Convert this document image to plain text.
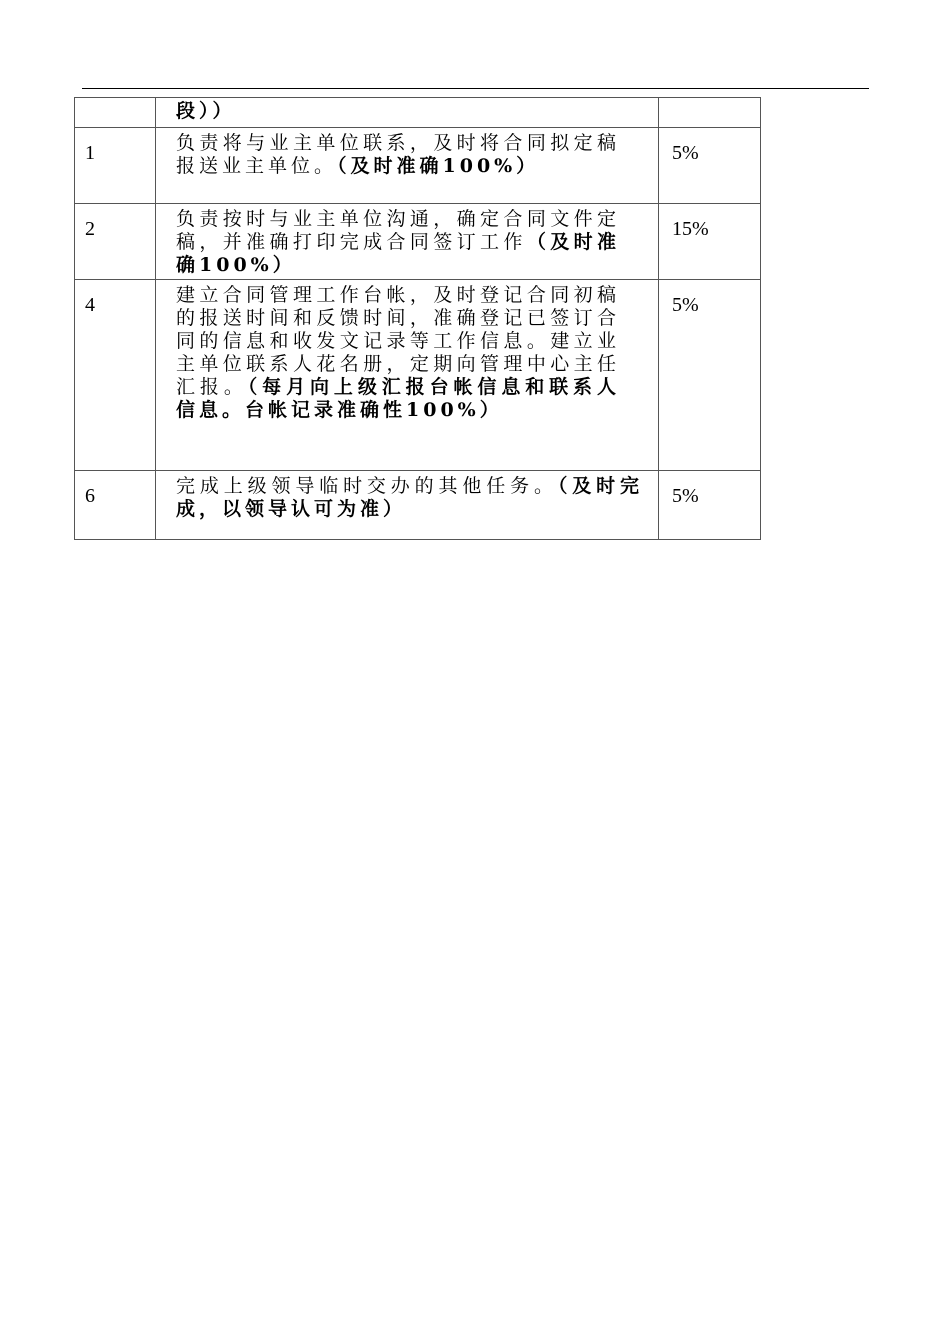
	段））	

1	负责将与业主单位联系，及时将合同拟定稿报送业主单位。（及时准确100%）	5%

2	负责按时与业主单位沟通，确定合同文件定稿，并准确打印完成合同签订工作（及时准确100%）	15%

4	建立合同管理工作台帐，及时登记合同初稿的报送时间和反馈时间，准确登记已签订合同的信息和收发文记录等工作信息。建立业主单位联系人花名册，定期向管理中心主任汇报。（每月向上级汇报台帐信息和联系人信息。台帐记录准确性100%）	5%

6	完成上级领导临时交办的其他任务。（及时完成，以领导认可为准）	5%
